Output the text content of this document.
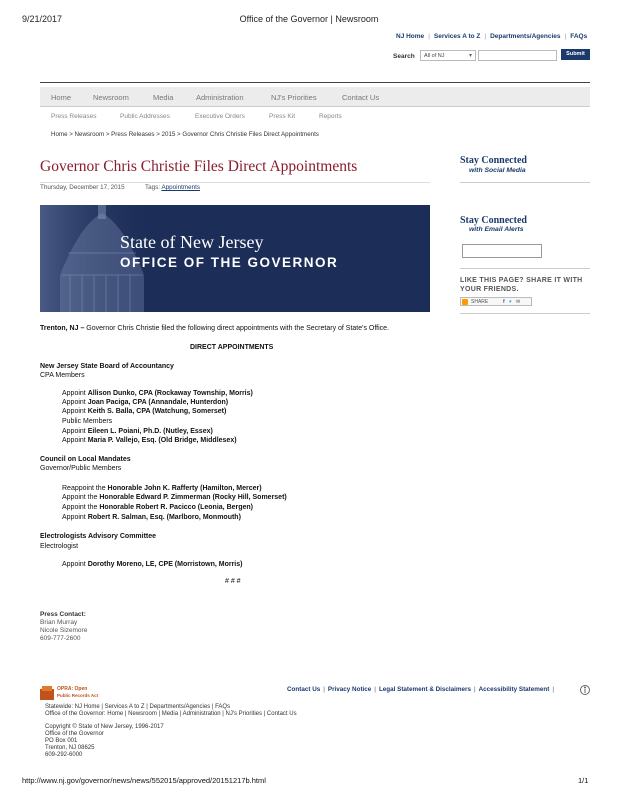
9/21/2017	Office of the Governor | Newsroom
NJ Home | Services A to Z | Departments/Agencies | FAQs
Search	All of NJ	▾	Submit
Home	Newsroom	Media	Administration	NJ's Priorities	Contact Us
Press Releases	Public Addresses	Executive Orders	Press Kit	Reports
Home > Newsroom > Press Releases > 2015 > Governor Chris Christie Files Direct Appointments
Governor Chris Christie Files Direct Appointments
Thursday, December 17, 2015	Tags: Appointments
State of New Jersey
OFFICE OF THE GOVERNOR
Trenton, NJ – Governor Chris Christie filed the following direct appointments with the Secretary of State's Office.
DIRECT APPOINTMENTS
New Jersey State Board of Accountancy
CPA Members
Appoint Allison Dunko, CPA (Rockaway Township, Morris)
Appoint Joan Paciga, CPA (Annandale, Hunterdon)
Appoint Keith S. Balla, CPA (Watchung, Somerset)
Public Members
Appoint Eileen L. Poiani, Ph.D. (Nutley, Essex)
Appoint Maria P. Vallejo, Esq. (Old Bridge, Middlesex)
Council on Local Mandates
Governor/Public Members
Reappoint the Honorable John K. Rafferty (Hamilton, Mercer)
Appoint the Honorable Edward P. Zimmerman (Rocky Hill, Somerset)
Appoint the Honorable Robert R. Pacicco (Leonia, Bergen)
Appoint Robert R. Salman, Esq. (Marlboro, Monmouth)
Electrologists Advisory Committee
Electrologist
Appoint Dorothy Moreno, LE, CPE (Morristown, Morris)
# # #
Press Contact:
Brian Murray
Nicole Sizemore
609-777-2600
Stay Connected
with Social Media
Stay Connected
with Email Alerts
LIKE THIS PAGE? SHARE IT WITH YOUR FRIENDS.
SHARE	f ▾ ✉
OPRA: Open
Public Records Act
Contact Us | Privacy Notice | Legal Statement & Disclaimers | Accessibility Statement |
Statewide: NJ Home | Services A to Z | Departments/Agencies | FAQs
Office of the Governor: Home | Newsroom | Media | Administration | NJ's Priorities | Contact Us
Copyright © State of New Jersey, 1996-2017
Office of the Governor
PO Box 001
Trenton, NJ 08625
609-292-6000
http://www.nj.gov/governor/news/news/552015/approved/20151217b.html	1/1
